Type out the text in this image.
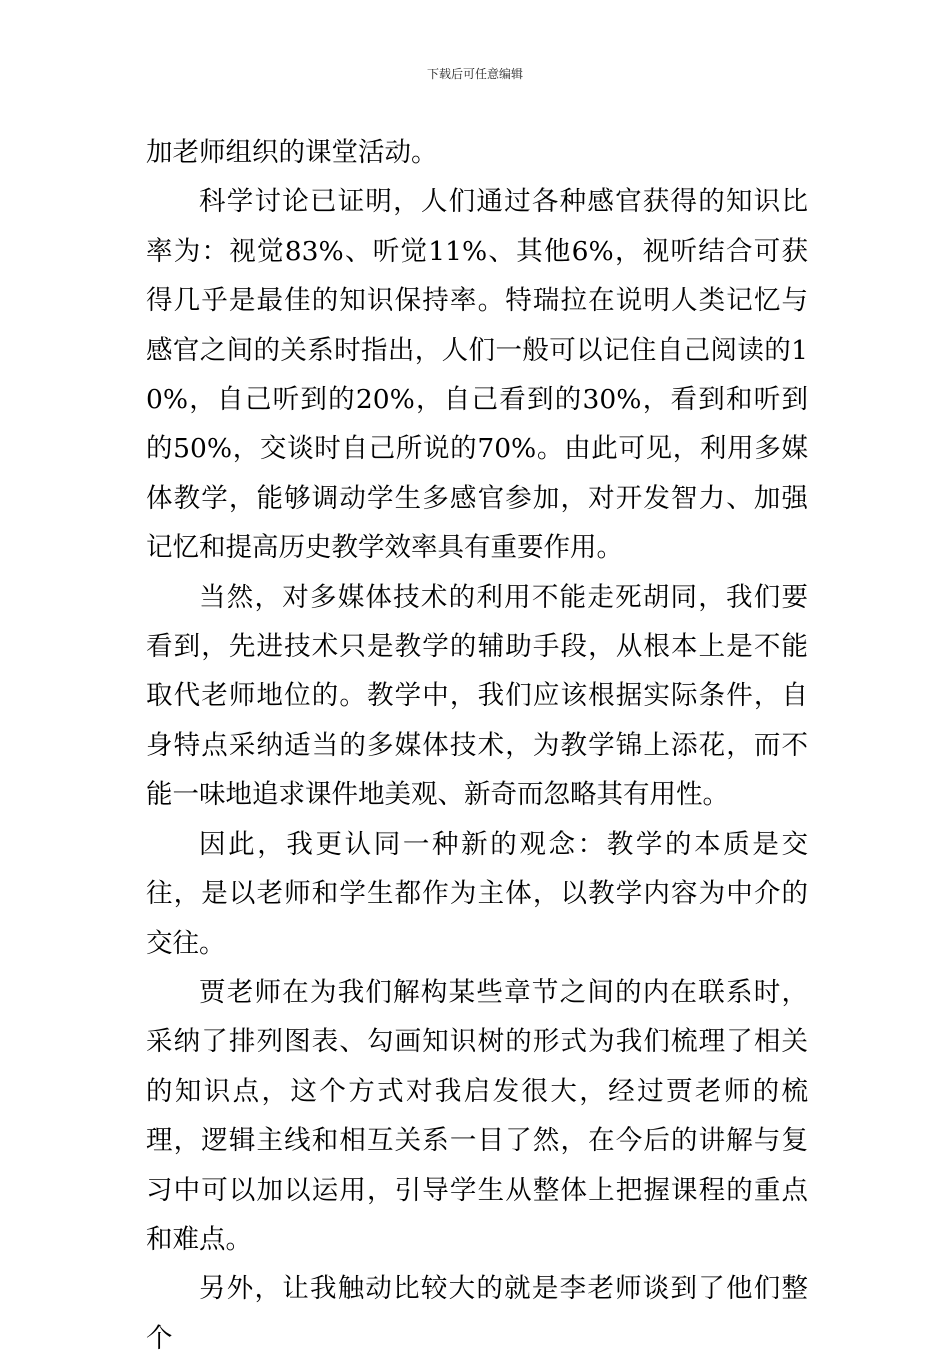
下载后可任意编辑

加老师组织的课堂活动。

科学讨论已证明，人们通过各种感官获得的知识比率为：视觉83%、听觉11%、其他6%，视听结合可获得几乎是最佳的知识保持率。特瑞拉在说明人类记忆与感官之间的关系时指出，人们一般可以记住自己阅读的10%，自己听到的20%，自己看到的30%，看到和听到的50%，交谈时自己所说的70%。由此可见，利用多媒体教学，能够调动学生多感官参加，对开发智力、加强记忆和提高历史教学效率具有重要作用。

当然，对多媒体技术的利用不能走死胡同，我们要看到，先进技术只是教学的辅助手段，从根本上是不能取代老师地位的。教学中，我们应该根据实际条件，自身特点采纳适当的多媒体技术，为教学锦上添花，而不能一味地追求课件地美观、新奇而忽略其有用性。

因此，我更认同一种新的观念：教学的本质是交往，是以老师和学生都作为主体，以教学内容为中介的交往。

贾老师在为我们解构某些章节之间的内在联系时，采纳了排列图表、勾画知识树的形式为我们梳理了相关的知识点，这个方式对我启发很大，经过贾老师的梳理，逻辑主线和相互关系一目了然，在今后的讲解与复习中可以加以运用，引导学生从整体上把握课程的重点和难点。

另外，让我触动比较大的就是李老师谈到了他们整个
